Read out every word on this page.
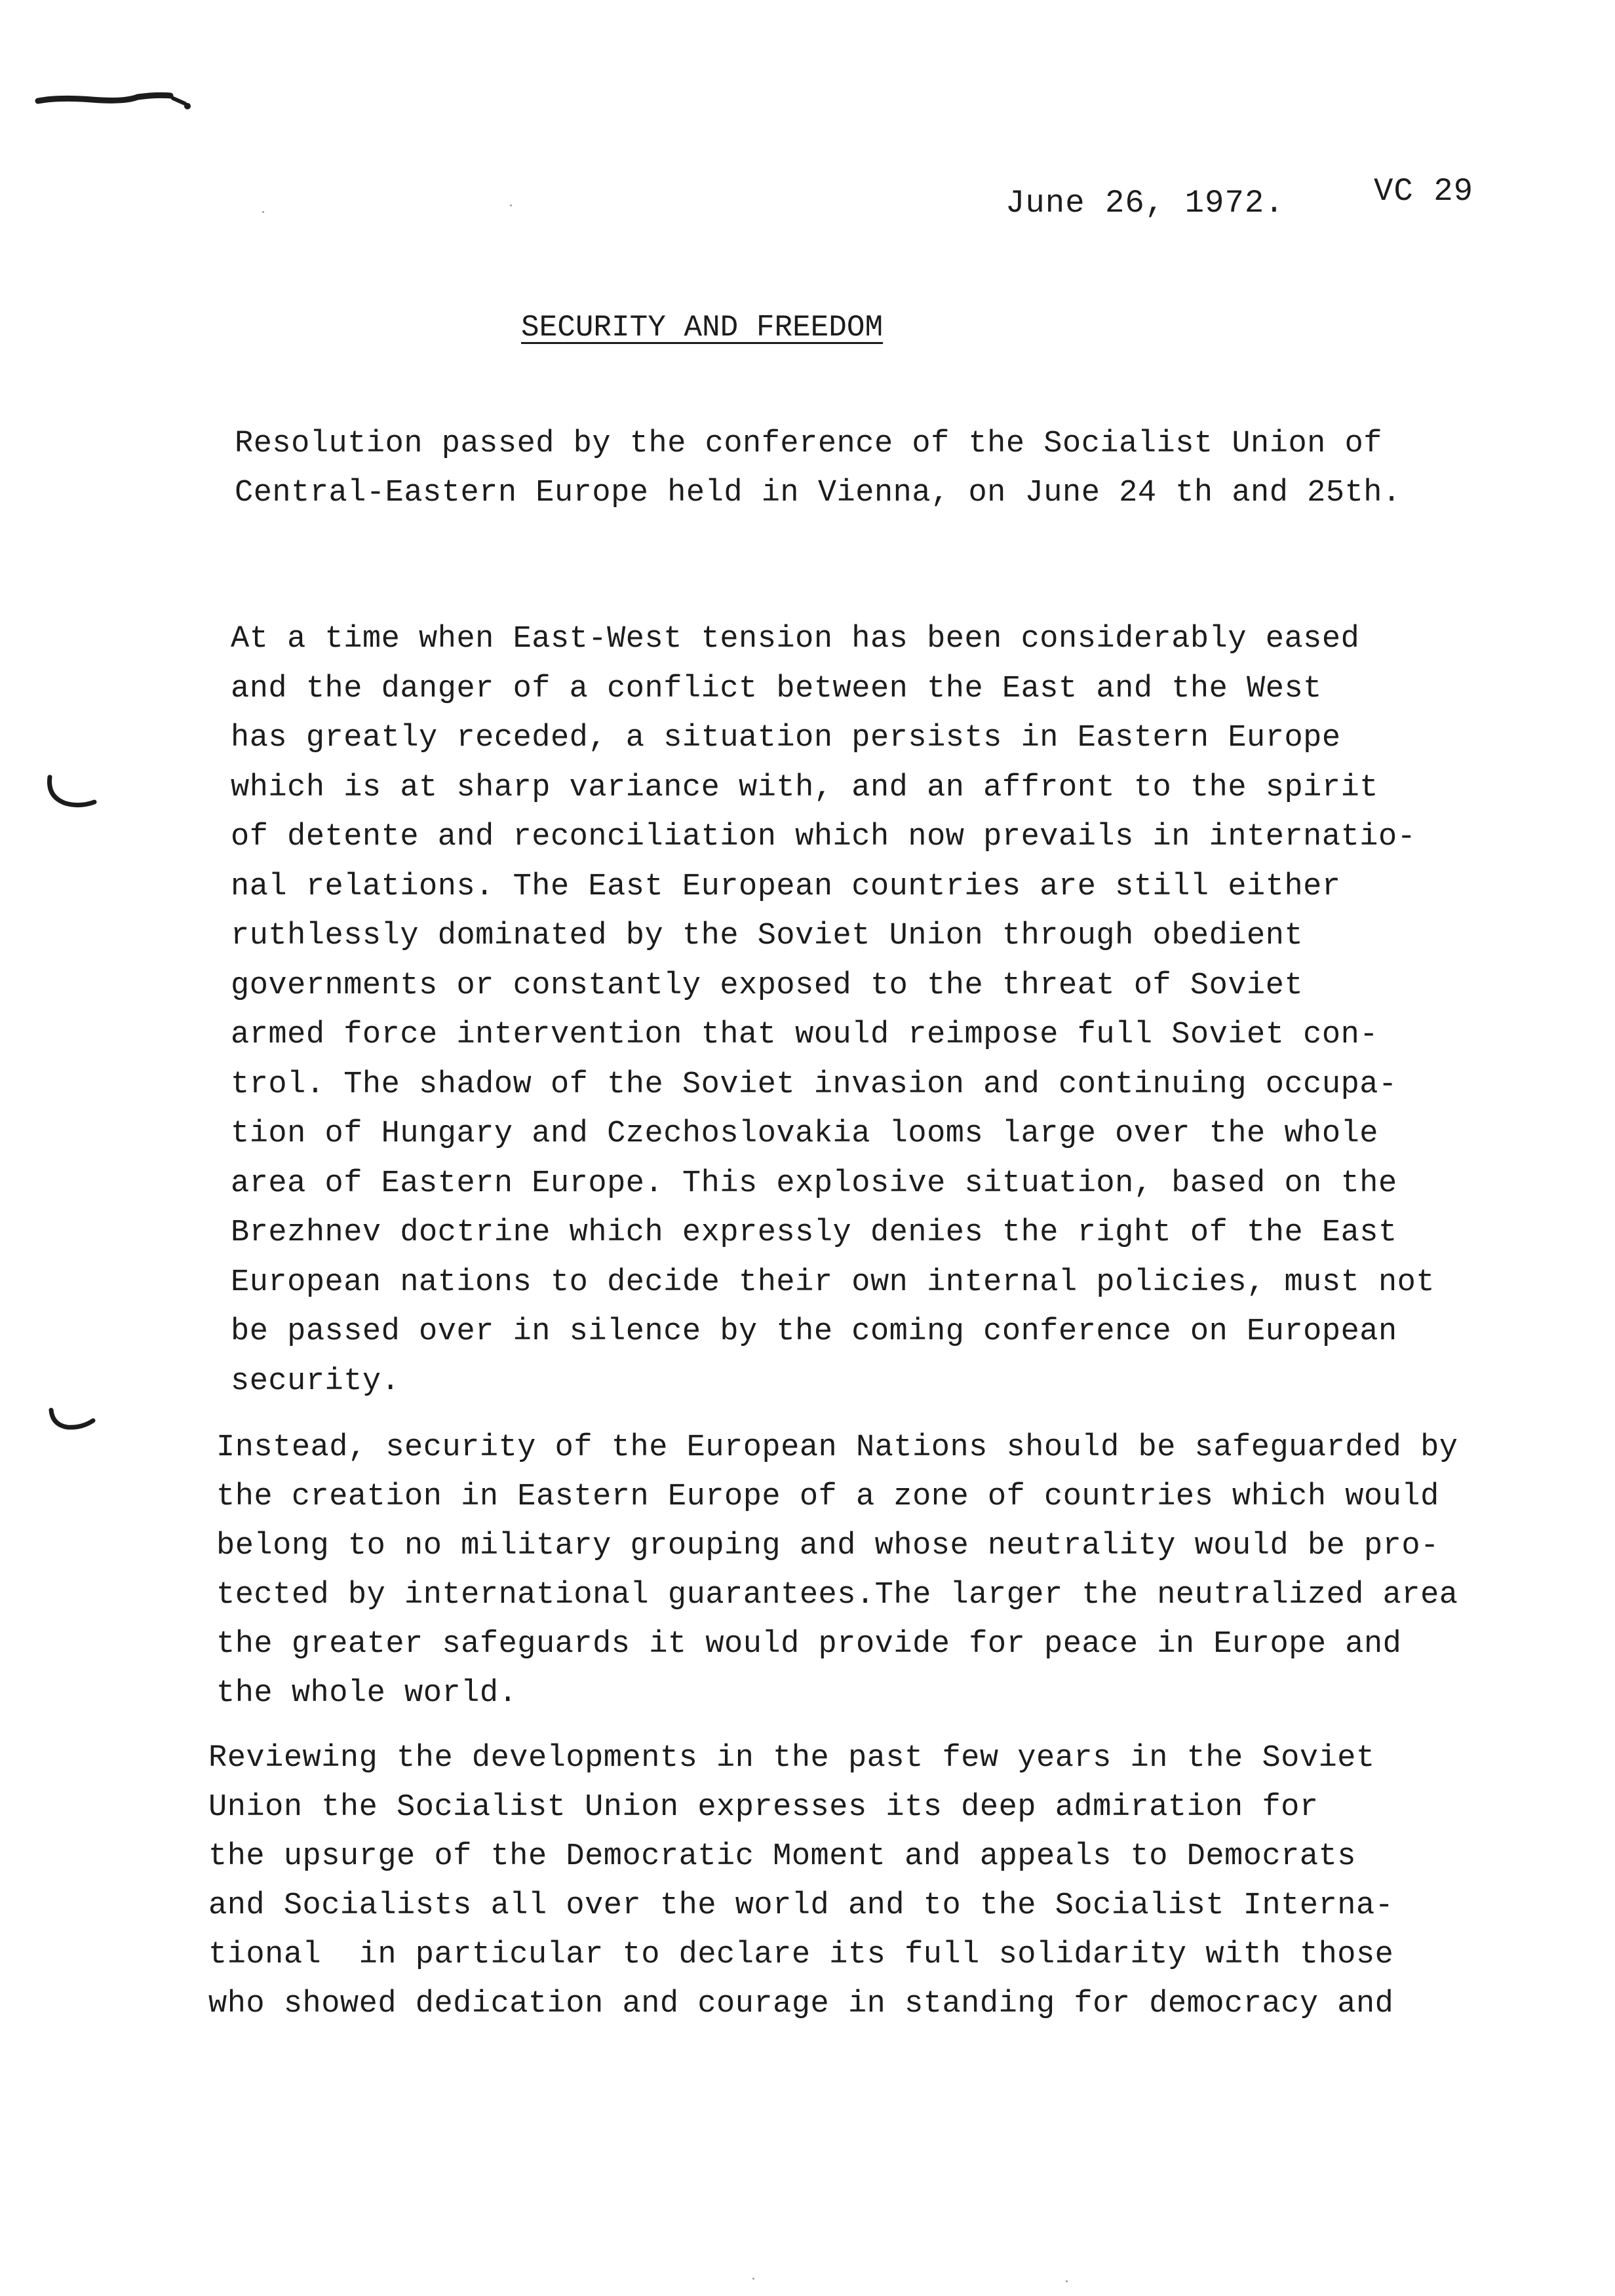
June 26, 1972.	VC 29
SECURITY AND FREEDOM

Resolution passed by the conference of the Socialist Union of
Central-Eastern Europe held in Vienna, on June 24 th and 25th.

At a time when East-West tension has been considerably eased
and the danger of a conflict between the East and the West
has greatly receded, a situation persists in Eastern Europe
which is at sharp variance with, and an affront to the spirit
of detente and reconciliation which now prevails in internatio-
nal relations. The East European countries are still either
ruthlessly dominated by the Soviet Union through obedient
governments or constantly exposed to the threat of Soviet
armed force intervention that would reimpose full Soviet con-
trol. The shadow of the Soviet invasion and continuing occupa-
tion of Hungary and Czechoslovakia looms large over the whole
area of Eastern Europe. This explosive situation, based on the
Brezhnev doctrine which expressly denies the right of the East
European nations to decide their own internal policies, must not
be passed over in silence by the coming conference on European
security.

Instead, security of the European Nations should be safeguarded by
the creation in Eastern Europe of a zone of countries which would
belong to no military grouping and whose neutrality would be pro-
tected by international guarantees.The larger the neutralized area
the greater safeguards it would provide for peace in Europe and
the whole world.

Reviewing the developments in the past few years in the Soviet
Union the Socialist Union expresses its deep admiration for
the upsurge of the Democratic Moment and appeals to Democrats
and Socialists all over the world and to the Socialist Interna-
tional  in particular to declare its full solidarity with those
who showed dedication and courage in standing for democracy and
